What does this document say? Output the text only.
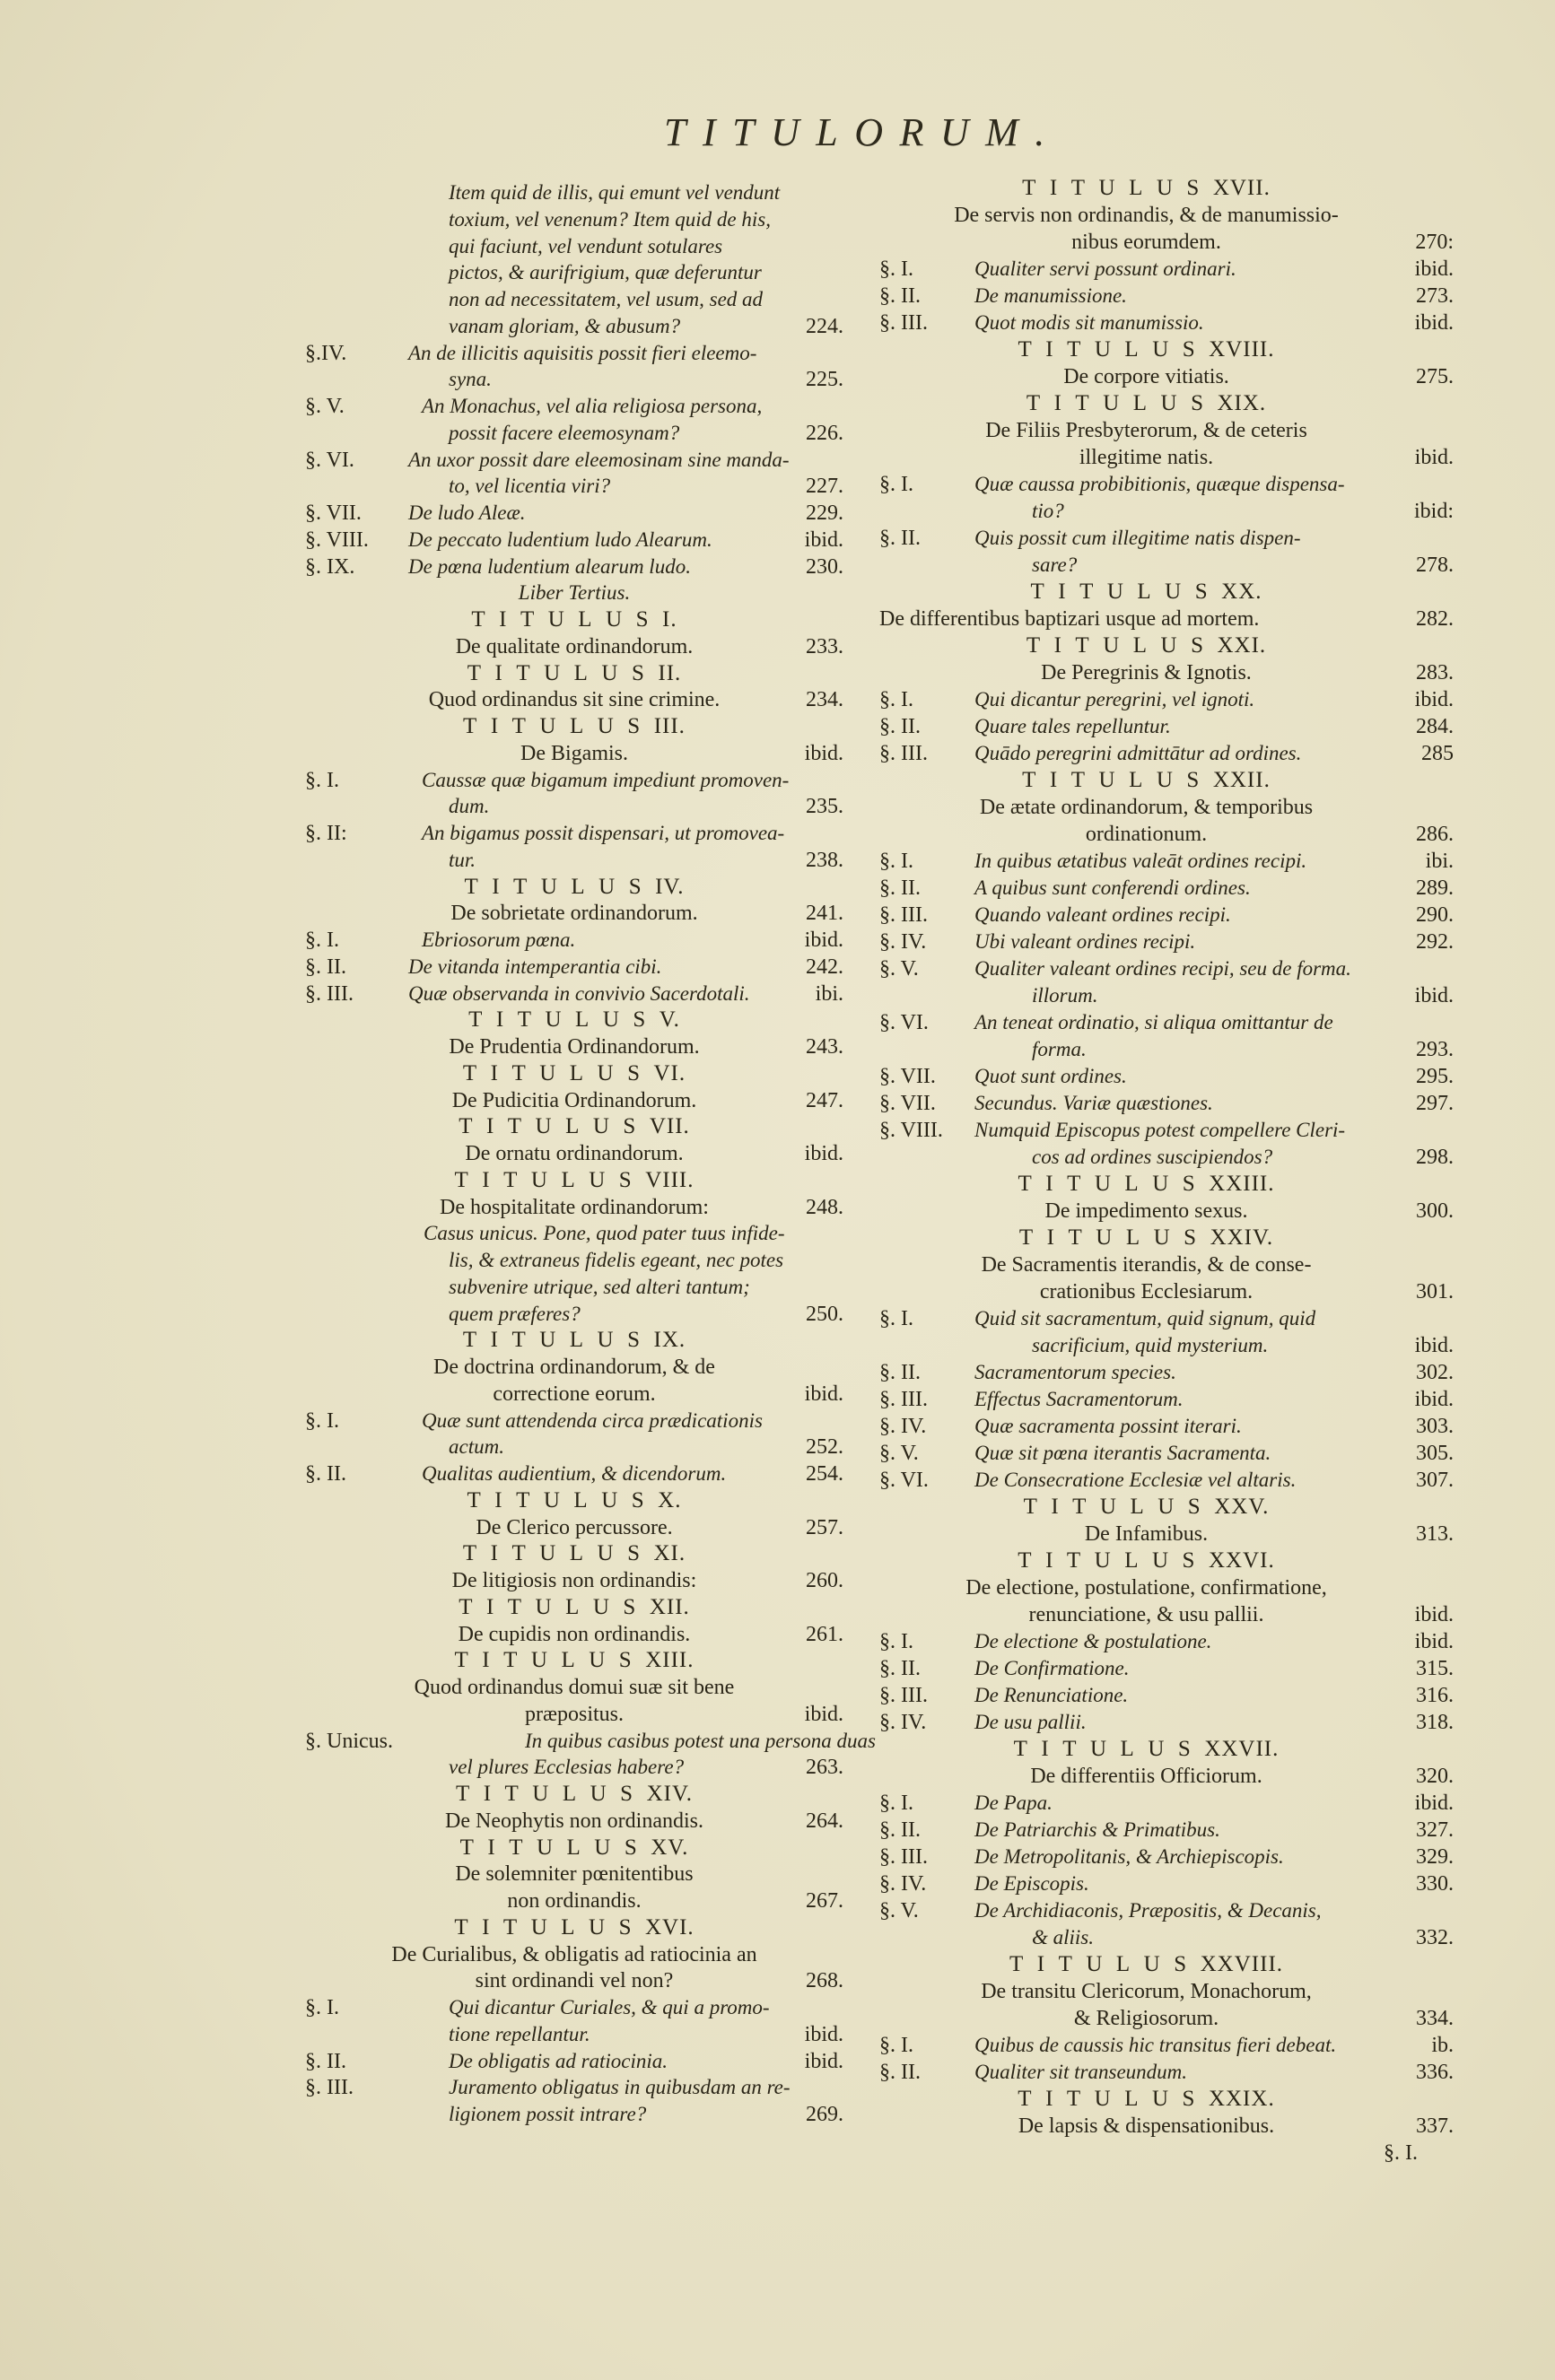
TITULORUM.
Item quid de illis, qui emunt vel vendunt
toxium, vel venenum? Item quid de his,
qui faciunt, vel vendunt sotulares
pictos, & aurifrigium, quæ deferuntur
non ad necessitatem, vel usum, sed ad
vanam gloriam, & abusum?	224.
§.IV.	An de illicitis aquisitis possit fieri eleemo-
syna.	225.
§. V.	An Monachus, vel alia religiosa persona,
possit facere eleemosynam?	226.
§. VI.	An uxor possit dare eleemosinam sine manda-
to, vel licentia viri?	227.
§. VII. De ludo Aleæ.	229.
§. VIII. De peccato ludentium ludo Alearum.	ibid.
§. IX.	De pœna ludentium alearum ludo.	230.
Liber Tertius.
TITULUSI.
De qualitate ordinandorum.	233.
TITULUSII.
Quod ordinandus sit sine crimine.	234.
TITULUSIII.
De Bigamis.	ibid.
§. I.	Caussæ quæ bigamum impediunt promoven-
dum.	235.
§. II:	An bigamus possit dispensari, ut promovea-
tur.	238.
TITULUSIV.
De sobrietate ordinandorum.	241.
§. I.	Ebriosorum pœna.	ibid.
§. II.	De vitanda intemperantia cibi.	242.
§. III.	Quæ observanda in convivio Sacerdotali.	ibi.
TITULUSV.
De Prudentia Ordinandorum.	243.
TITULUSVI.
De Pudicitia Ordinandorum.	247.
TITULUSVII.
De ornatu ordinandorum.	ibid.
TITULUSVIII.
De hospitalitate ordinandorum:	248.
Casus unicus. Pone, quod pater tuus infide-
lis, & extraneus fidelis egeant, nec potes
subvenire utrique, sed alteri tantum;
quem præferes?	250.
TITULUSIX.
De doctrina ordinandorum, & de
correctione eorum.	ibid.
§. I.	Quæ sunt attendenda circa prædicationis
actum.	252.
§. II.	Qualitas audientium, & dicendorum.	254.
TITULUSX.
De Clerico percussore.	257.
TITULUSXI.
De litigiosis non ordinandis:	260.
TITULUSXII.
De cupidis non ordinandis.	261.
TITULUSXIII.
Quod ordinandus domui suæ sit bene
præpositus.	ibid.
§. Unicus.	In quibus casibus potest una persona duas
vel plures Ecclesias habere?	263.
TITULUSXIV.
De Neophytis non ordinandis.	264.
TITULUSXV.
De solemniter pœnitentibus
non ordinandis.	267.
TITULUSXVI.
De Curialibus, & obligatis ad ratiocinia an
sint ordinandi vel non?	268.
§. I.	Qui dicantur Curiales, & qui a promo-
tione repellantur.	ibid.
§. II.	De obligatis ad ratiocinia.	ibid.
§. III.	Juramento obligatus in quibusdam an re-
ligionem possit intrare?	269.
TITULUSXVII.
De servis non ordinandis, & de manumissio-
nibus eorumdem.	270:
§. I.	Qualiter servi possunt ordinari.	ibid.
§. II.	De manumissione.	273.
§. III. Quot modis sit manumissio.	ibid.
TITULUSXVIII.
De corpore vitiatis.	275.
TITULUSXIX.
De Filiis Presbyterorum, & de ceteris
illegitime natis.	ibid.
§. I.	Quæ caussa probibitionis, quæque dispensa-
tio?	ibid:
§. II.	Quis possit cum illegitime natis dispen-
sare?	278.
TITULUSXX.
De differentibus baptizari usque ad mortem.	282.
TITULUSXXI.
De Peregrinis & Ignotis.	283.
§. I.	Qui dicantur peregrini, vel ignoti.	ibid.
§. II.	Quare tales repelluntur.	284.
§. III. Quādo peregrini admittātur ad ordines.	285
TITULUSXXII.
De ætate ordinandorum, & temporibus
ordinationum.	286.
§. I.	In quibus ætatibus valeāt ordines recipi.	ibi.
§. II.	A quibus sunt conferendi ordines.	289.
§. III. Quando valeant ordines recipi.	290.
§. IV. Ubi valeant ordines recipi.	292.
§. V.	Qualiter valeant ordines recipi, seu de forma.
illorum.	ibid.
§. VI. An teneat ordinatio, si aliqua omittantur de
forma.	293.
§. VII. Quot sunt ordines.	295.
§. VII. Secundus. Variæ quæstiones.	297.
§. VIII. Numquid Episcopus potest compellere Cleri-
cos ad ordines suscipiendos?	298.
TITULUSXXIII.
De impedimento sexus.	300.
TITULUSXXIV.
De Sacramentis iterandis, & de conse-
crationibus Ecclesiarum.	301.
§. I.	Quid sit sacramentum, quid signum, quid
sacrificium, quid mysterium.	ibid.
§. II.	Sacramentorum species.	302.
§. III. Effectus Sacramentorum.	ibid.
§. IV. Quæ sacramenta possint iterari.	303.
§. V.	Quæ sit pœna iterantis Sacramenta.	305.
§. VI. De Consecratione Ecclesiæ vel altaris.	307.
TITULUSXXV.
De Infamibus.	313.
TITULUSXXVI.
De electione, postulatione, confirmatione,
renunciatione, & usu pallii.	ibid.
§. I.	De electione & postulatione.	ibid.
§. II.	De Confirmatione.	315.
§. III. De Renunciatione.	316.
§. IV. De usu pallii.	318.
TITULUSXXVII.
De differentiis Officiorum.	320.
§. I.	De Papa.	ibid.
§. II.	De Patriarchis & Primatibus.	327.
§. III. De Metropolitanis, & Archiepiscopis.	329.
§. IV. De Episcopis.	330.
§. V.	De Archidiaconis, Præpositis, & Decanis,
& aliis.	332.
TITULUSXXVIII.
De transitu Clericorum, Monachorum,
& Religiosorum.	334.
§. I.	Quibus de caussis hic transitus fieri debeat.	ib.
§. II.	Qualiter sit transeundum.	336.
TITULUSXXIX.
De lapsis & dispensationibus.	337.
§. I.
